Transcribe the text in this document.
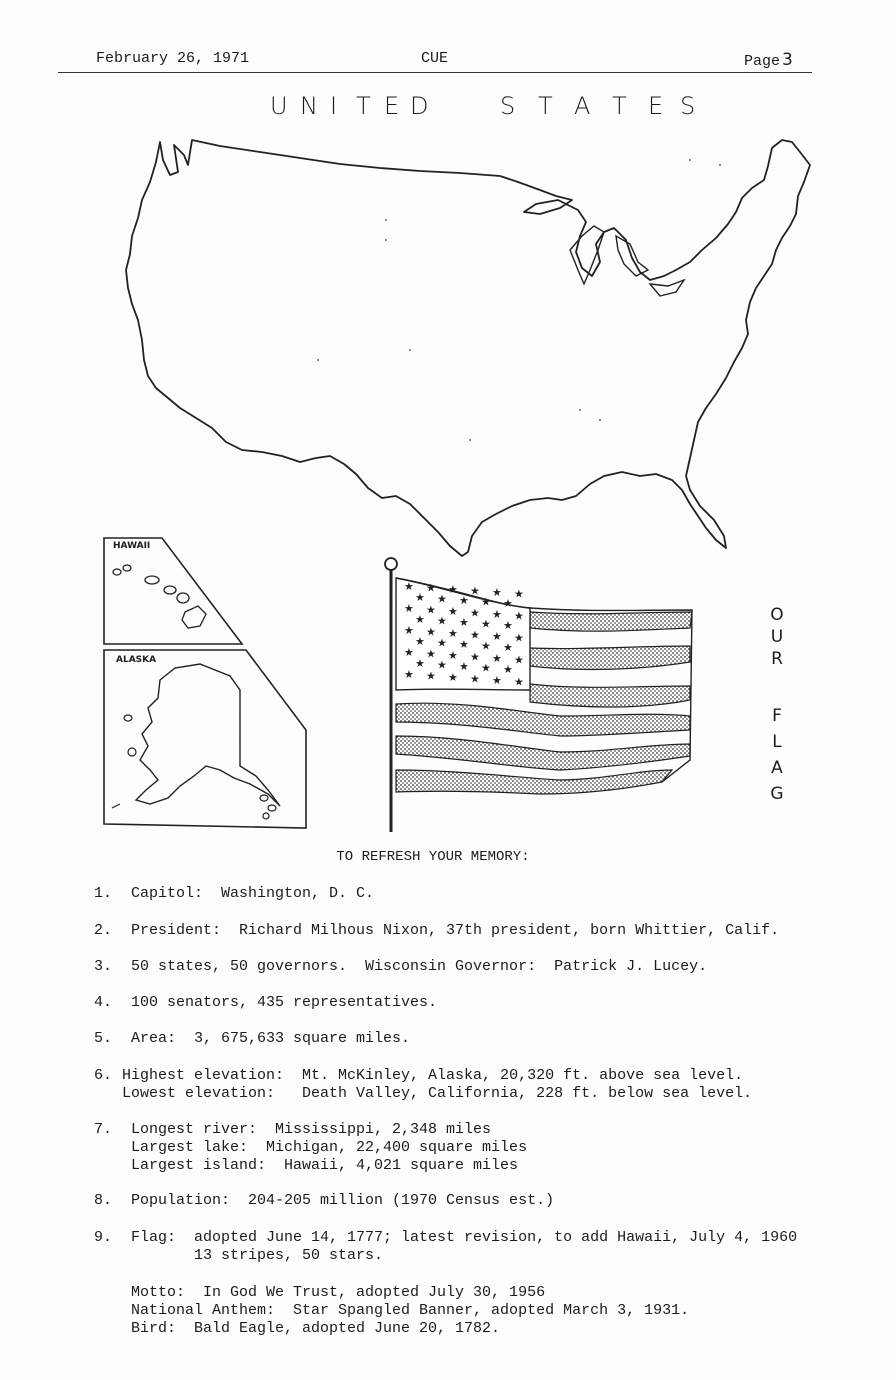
February 26, 1971	CUE	Page 3
U N I T E D	S T A T E S
★ ★ ★ ★ ★ ★
★ ★ ★ ★ ★
★ ★ ★ ★ ★ ★
★ ★ ★ ★ ★
★ ★ ★ ★ ★ ★
★ ★ ★ ★ ★
★ ★ ★ ★ ★ ★
★ ★ ★ ★ ★
★ ★ ★ ★ ★ ★
O
U
R
F
L
A
G
HAWAII
ALASKA
TO REFRESH YOUR MEMORY:
1. Capitol:  Washington, D. C.
2. President:  Richard Milhous Nixon, 37th president, born Whittier, Calif.
3. 50 states, 50 governors.  Wisconsin Governor:  Patrick J. Lucey.
4. 100 senators, 435 representatives.
5. Area:  3, 675,633 square miles.
6. Highest elevation:  Mt. McKinley, Alaska, 20,320 ft. above sea level.
Lowest elevation:   Death Valley, California, 228 ft. below sea level.
7. Longest river:  Mississippi, 2,348 miles
Largest lake:  Michigan, 22,400 square miles
Largest island:  Hawaii, 4,021 square miles
8. Population:  204-205 million (1970 Census est.)
9. Flag:  adopted June 14, 1777; latest revision, to add Hawaii, July 4, 1960
13 stripes, 50 stars.
Motto:  In God We Trust, adopted July 30, 1956
National Anthem:  Star Spangled Banner, adopted March 3, 1931.
Bird:  Bald Eagle, adopted June 20, 1782.
